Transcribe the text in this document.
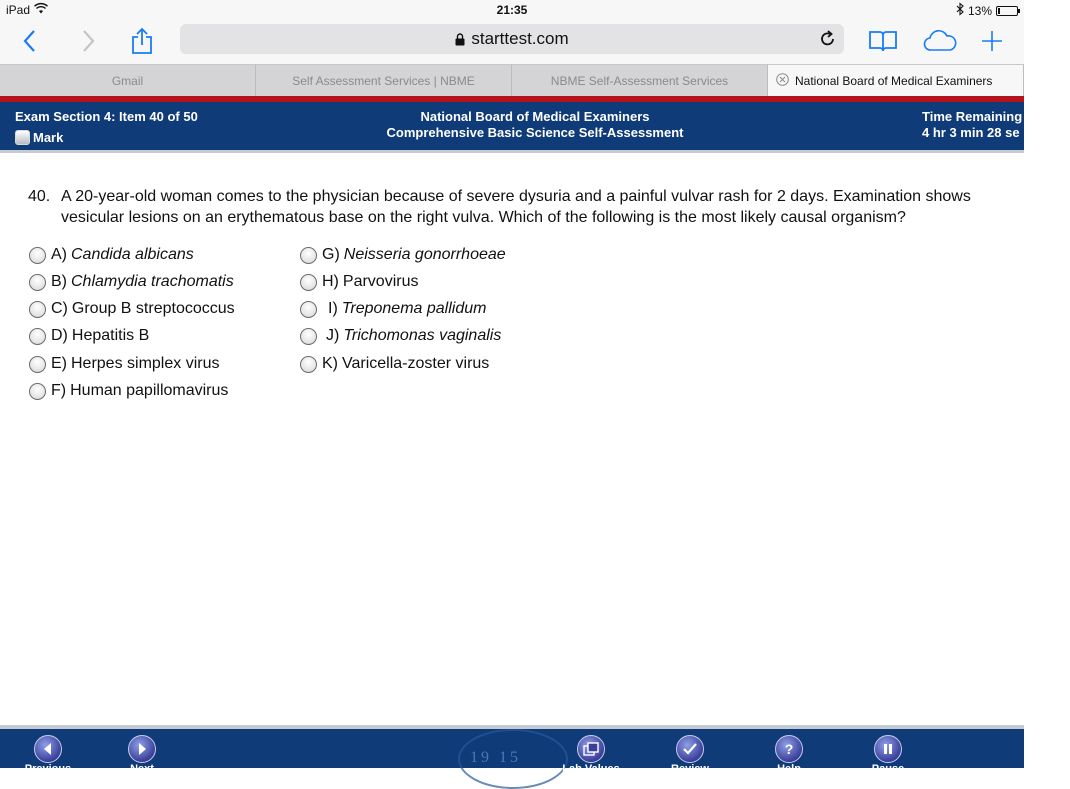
iPad	21:35	13%
starttest.com
Gmail	Self Assessment Services | NBME	NBME Self-Assessment Services	National Board of Medical Examiners
Exam Section 4: Item 40 of 50
Mark
National Board of Medical Examiners
Comprehensive Basic Science Self-Assessment
Time Remaining
4 hr 3 min 28 se
40. A 20-year-old woman comes to the physician because of severe dysuria and a painful vulvar rash for 2 days. Examination shows vesicular lesions on an erythematous base on the right vulva. Which of the following is the most likely causal organism?
A) Candida albicans
B) Chlamydia trachomatis
C) Group B streptococcus
D) Hepatitis B
E) Herpes simplex virus
F) Human papillomavirus
G) Neisseria gonorrhoeae
H) Parvovirus
I) Treponema pallidum
J) Trichomonas vaginalis
K) Varicella-zoster virus
19 15
Previous	Next	Lab Values	Review
?
Help	Pause
